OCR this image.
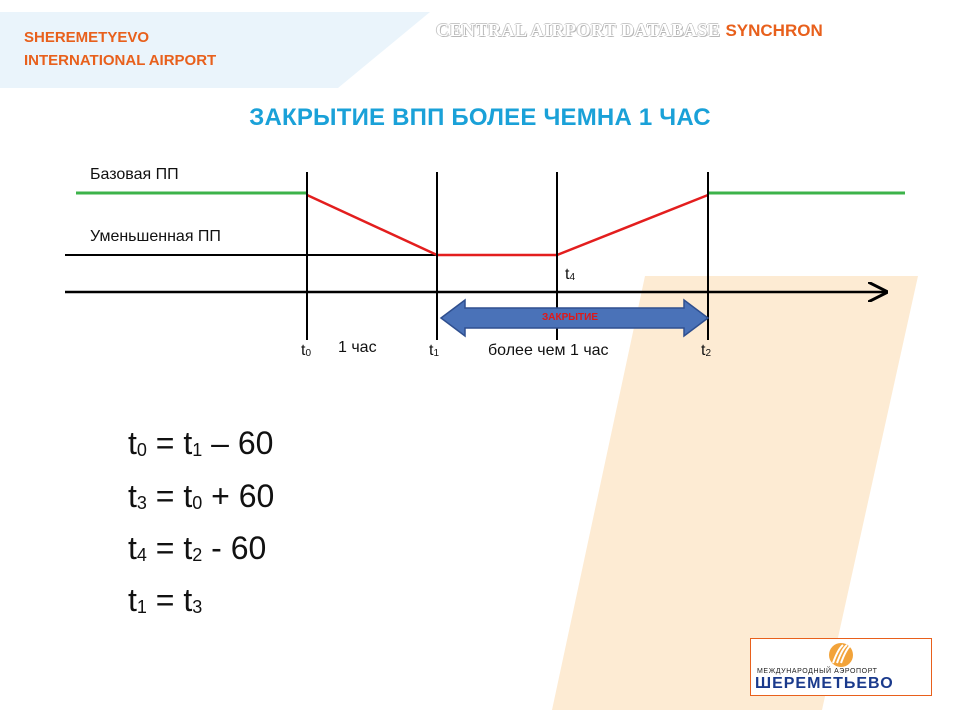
SHEREMETYEVO
INTERNATIONAL AIRPORT
CENTRAL AIRPORT DATABASE SYNCHRON
ЗАКРЫТИЕ ВПП БОЛЕЕ ЧЕМНА 1 ЧАС
Базовая ПП
Уменьшенная ПП
$t_4$
ЗАКРЫТИЕ
$t_0$ 1 час	$t_1$	более чем 1 час	$t_2$
$t_0 = t_1 - 60$
$t_3 = t_0 + 60$
$t_4 = t_2 - 60$
$t_1 = t_3$
МЕЖДУНАРОДНЫЙ АЭРОПОРТ
ШЕРЕМЕТЬЕВО
